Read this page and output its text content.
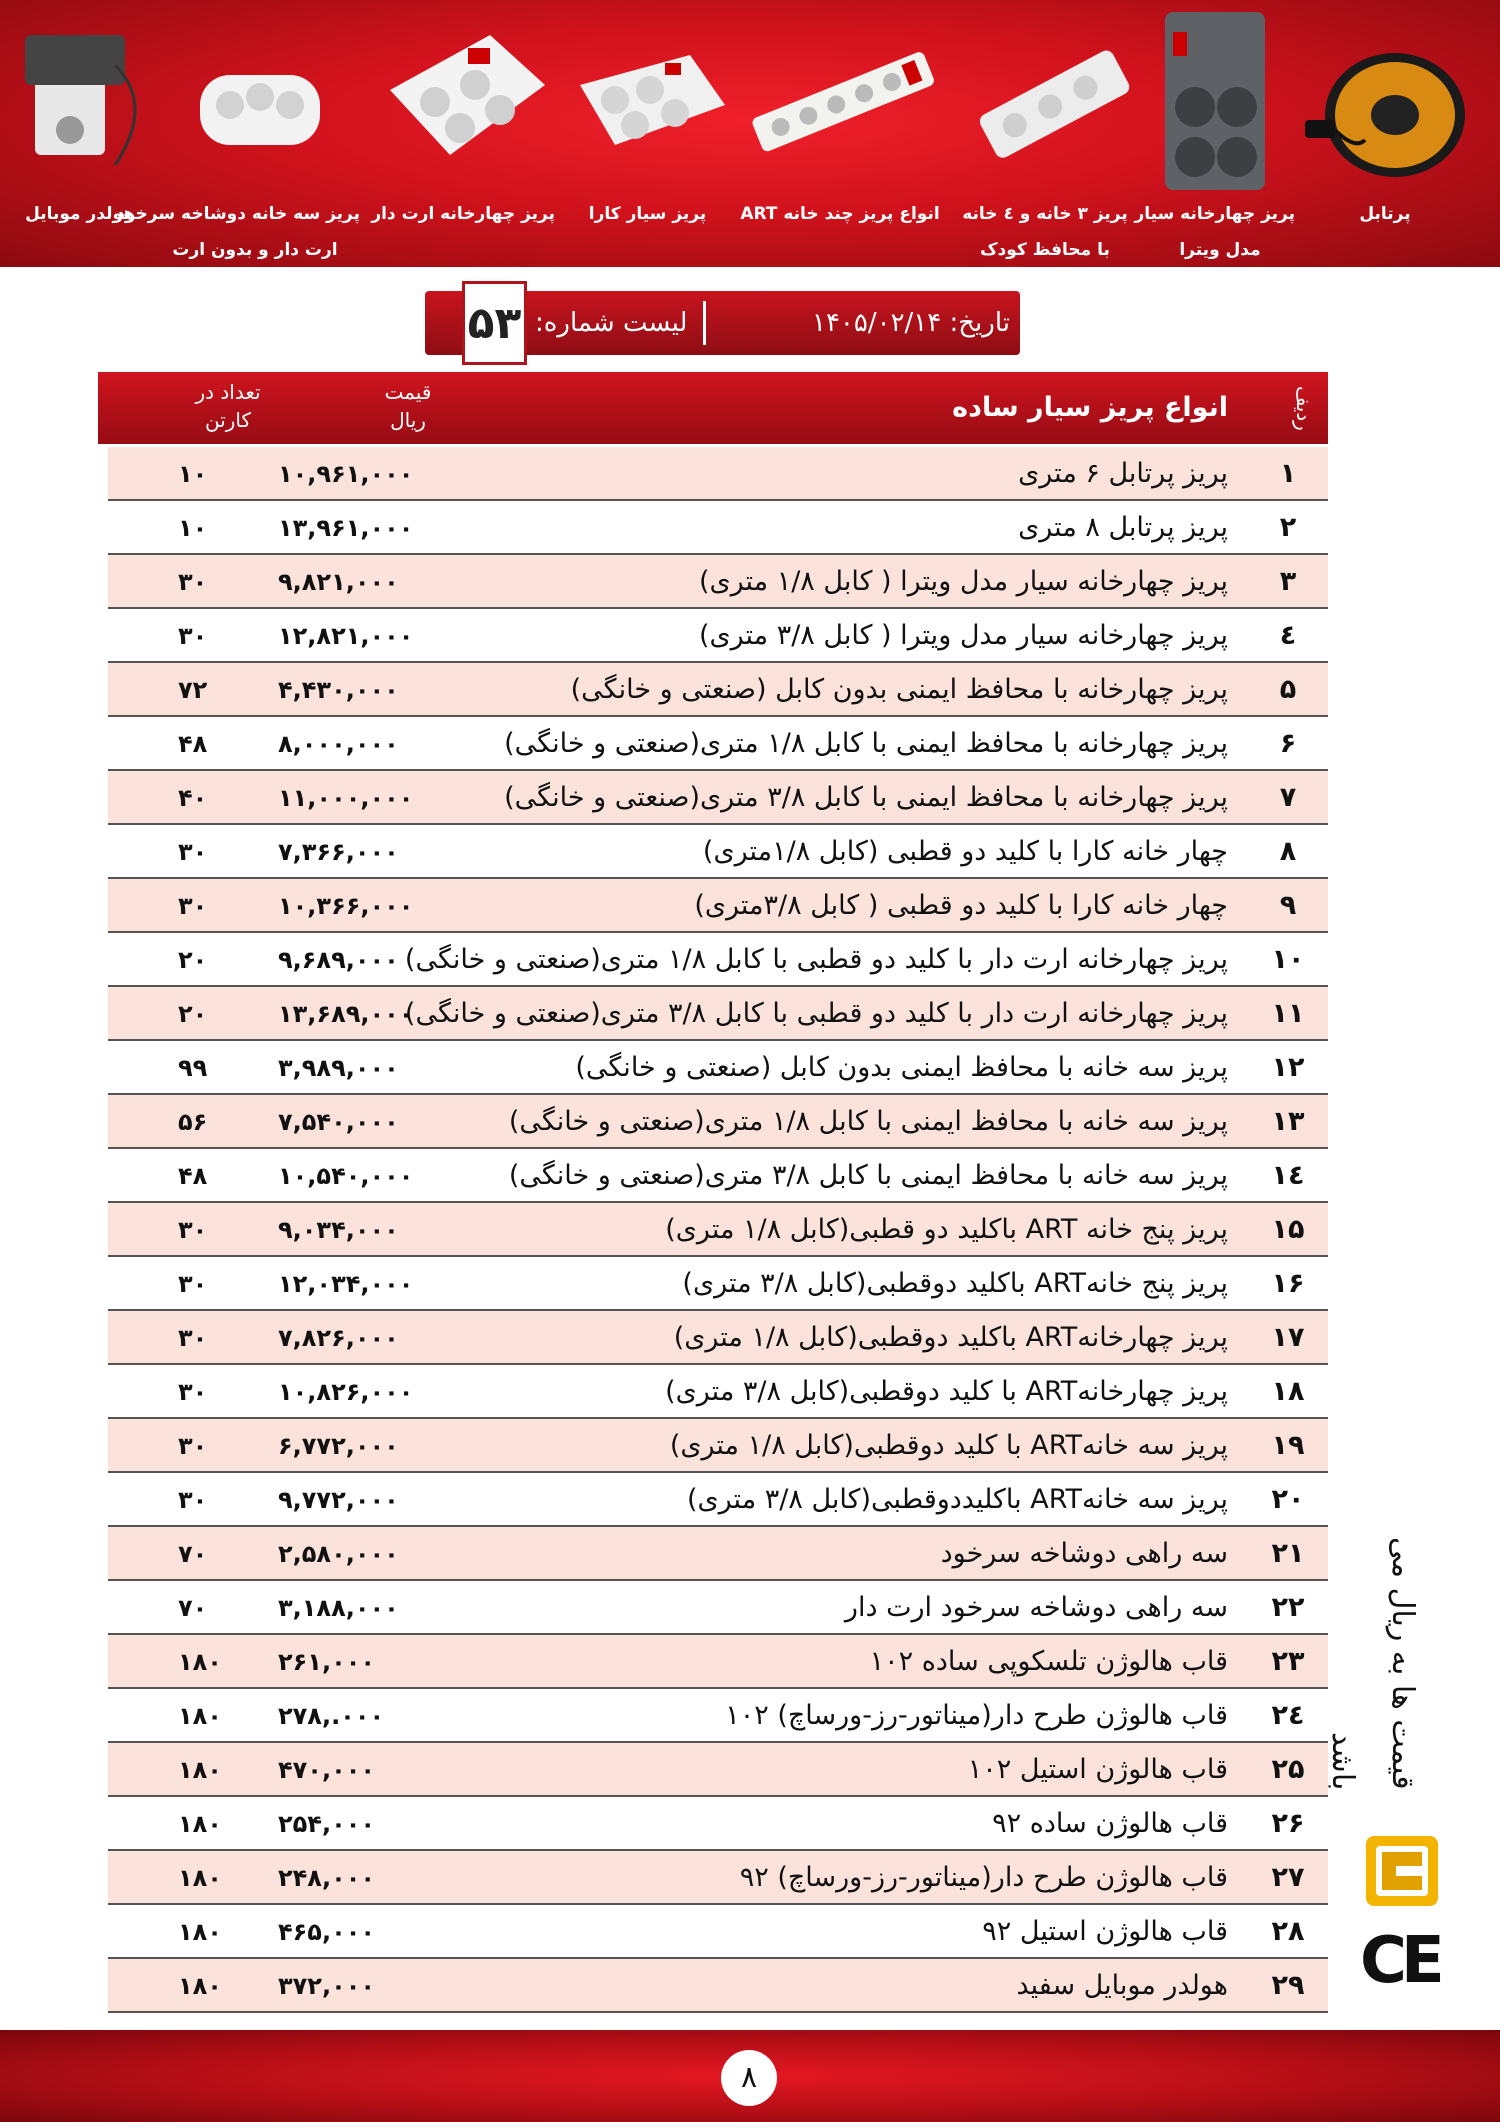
پرتابل
پریز چهارخانه سیار
مدل ویترا
پریز ۳ خانه و ٤ خانه
با محافظ کودک
انواع پریز چند خانه ART
پریز سیار کارا
پریز چهارخانه ارت دار
پریز سه خانه دوشاخه سرخود
ارت دار و بدون ارت
هولدر موبایل
تاریخ: ۱۴۰۵/۰۲/۱۴
لیست شماره:
۵۳
ردیف
انواع پریز سیار ساده
قیمت
ریال
تعداد در
کارتن
۱
پریز پرتابل ۶ متری
۱۰,۹۶۱,۰۰۰
۱۰
۲
پریز پرتابل ۸ متری
۱۳,۹۶۱,۰۰۰
۱۰
۳
پریز چهارخانه سیار مدل ویترا ( کابل ۱/۸ متری)
۹,۸۲۱,۰۰۰
۳۰
٤
پریز چهارخانه سیار مدل ویترا ( کابل ۳/۸ متری)
۱۲,۸۲۱,۰۰۰
۳۰
۵
پریز چهارخانه با محافظ ایمنی بدون کابل (صنعتی و خانگی)
۴,۴۳۰,۰۰۰
۷۲
۶
پریز چهارخانه با محافظ ایمنی با کابل ۱/۸ متری(صنعتی و خانگی)
۸,۰۰۰,۰۰۰
۴۸
۷
پریز چهارخانه با محافظ ایمنی با کابل ۳/۸ متری(صنعتی و خانگی)
۱۱,۰۰۰,۰۰۰
۴۰
۸
چهار خانه کارا با کلید دو قطبی (کابل ۱/۸متری)
۷,۳۶۶,۰۰۰
۳۰
۹
چهار خانه کارا با کلید دو قطبی ( کابل ۳/۸متری)
۱۰,۳۶۶,۰۰۰
۳۰
۱۰
پریز چهارخانه ارت دار با کلید دو قطبی با کابل ۱/۸ متری(صنعتی و خانگی)
۹,۶۸۹,۰۰۰
۲۰
۱۱
پریز چهارخانه ارت دار با کلید دو قطبی با کابل ۳/۸ متری(صنعتی و خانگی)
۱۳,۶۸۹,۰۰۰
۲۰
۱۲
پریز سه خانه با محافظ ایمنی بدون کابل (صنعتی و خانگی)
۳,۹۸۹,۰۰۰
۹۹
۱۳
پریز سه خانه با محافظ ایمنی با کابل ۱/۸ متری(صنعتی و خانگی)
۷,۵۴۰,۰۰۰
۵۶
۱٤
پریز سه خانه با محافظ ایمنی با کابل ۳/۸ متری(صنعتی و خانگی)
۱۰,۵۴۰,۰۰۰
۴۸
۱۵
پریز پنج خانه ART باکلید دو قطبی(کابل ۱/۸ متری)
۹,۰۳۴,۰۰۰
۳۰
۱۶
پریز پنج خانهART باکلید دوقطبی(کابل ۳/۸ متری)
۱۲,۰۳۴,۰۰۰
۳۰
۱۷
پریز چهارخانهART باکلید دوقطبی(کابل ۱/۸ متری)
۷,۸۲۶,۰۰۰
۳۰
۱۸
پریز چهارخانهART با کلید دوقطبی(کابل ۳/۸ متری)
۱۰,۸۲۶,۰۰۰
۳۰
۱۹
پریز سه خانهART با کلید دوقطبی(کابل ۱/۸ متری)
۶,۷۷۲,۰۰۰
۳۰
۲۰
پریز سه خانهART باکلیددوقطبی(کابل ۳/۸ متری)
۹,۷۷۲,۰۰۰
۳۰
۲۱
سه راهی دوشاخه سرخود
۲,۵۸۰,۰۰۰
۷۰
۲۲
سه راهی دوشاخه سرخود ارت دار
۳,۱۸۸,۰۰۰
۷۰
۲۳
قاب هالوژن تلسکوپی ساده ۱۰۲
۲۶۱,۰۰۰
۱۸۰
۲٤
قاب هالوژن طرح دار(میناتور-رز-ورساچ) ۱۰۲
۲۷۸,.۰۰۰
۱۸۰
۲۵
قاب هالوژن استیل ۱۰۲
۴۷۰,۰۰۰
۱۸۰
۲۶
قاب هالوژن ساده ۹۲
۲۵۴,۰۰۰
۱۸۰
۲۷
قاب هالوژن طرح دار(میناتور-رز-ورساچ) ۹۲
۲۴۸,۰۰۰
۱۸۰
۲۸
قاب هالوژن استیل ۹۲
۴۶۵,۰۰۰
۱۸۰
۲۹
هولدر موبایل سفید
۳۷۲,۰۰۰
۱۸۰
قیمت ها به ریال می باشد
CE
۸
